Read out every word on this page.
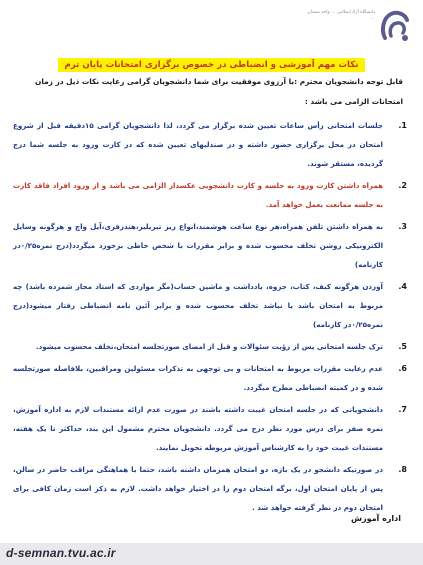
دانشگاه آزاد اسلامی ... واحد سمنان ...
نکات مهم آموزشی و انضباطی در خصوص برگزاری امتحانات پایان ترم
قابل توجه دانشجویان محترم :با آرزوی موفقیت برای شما دانشجویان گرامی رعایت نکات ذیل در زمان امتحانات الزامی می باشد :
1.
جلسات امتحانی رأس ساعات تعیین شده برگزار می گردد، لذا دانشجویان گرامی ۱۵دقیقه قبل از شروع امتحان در محل برگزاری حضور داشته و در صندلیهای تعیین شده که در کارت ورود به جلسه شما درج گردیده، مستقر شوند.
2.
همراه داشتن کارت ورود به جلسه و کارت دانشجویی عکسدار الزامی می باشد و از ورود افراد فاقد کارت به جلسه ممانعت بعمل خواهد آمد.
3.
به همراه داشتن تلفن همراه،هر نوع ساعت هوشمند،انواع ریز تبریلیر،هندزفری،آیل واچ و هرگونه وسایل الکترونیکی روشن تخلف محسوب شده و برابر مقررات با شخص خاطی برخورد میگردد(درج نمره۰/۲۵در کارنامه)
4.
آوردن هرگونه کیف، کتاب، جزوه، یادداشت و ماشین حساب(مگر مواردی که استاد مجاز شمرده باشد) چه مربوط به امتحان باشد یا نباشد تخلف محسوب شده و برابر آئین نامه انضباطی رفتار میشود(درج نمره۰/۲۵در کارنامه)
5.
ترک جلسه امتحانی پس از رؤیت سئوالات و قبل از امضای صورتجلسه امتحان،تخلف محسوب میشود.
6.
عدم رعایت مقررات مربوط به امتحانات و بی توجهی به تذکرات مسئولین ومراقبین، بلافاصله صورتجلسه شده و در کمیته انضباطی مطرح میگردد.
7.
دانشجویانی که در جلسه امتحان غیبت داشته باشند در صورت عدم ارائه مستندات لازم به اداره آموزش، نمره صفر برای درس مورد نظر درج می گردد. دانشجویان محترم مشمول این بند، حداکثر تا یک هفته، مستندات غیبت خود را به کارشناس آموزش مربوطه تحویل نمایند.
8.
در صورتیکه دانشجو در یک بازه، دو امتحان همزمان داشته باشد، حتما با هماهنگی مراقب حاضر در سالن، پس از پایان امتحان اول، برگه امتحان دوم را در اختیار خواهد داشت. لازم به ذکر است زمان کافی برای امتحان دوم در نظر گرفته خواهد شد .
اداره آموزش
d-semnan.tvu.ac.ir
